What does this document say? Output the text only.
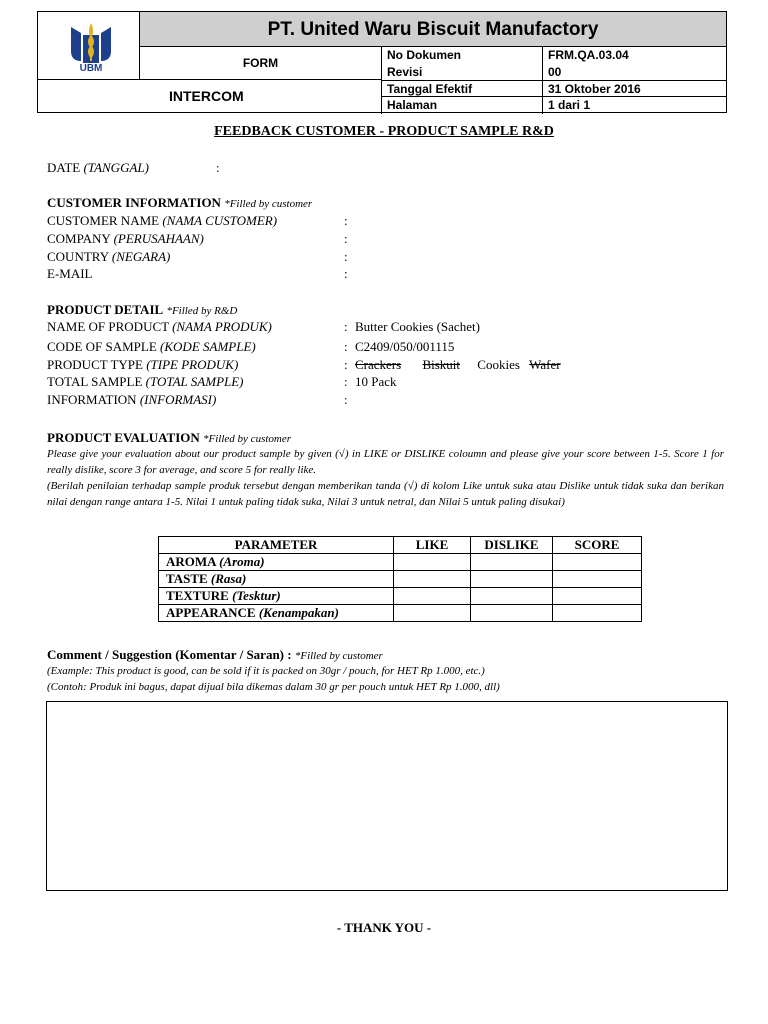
UBM
PT. United Waru Biscuit Manufactory
FORM
INTERCOM
No Dokumen	FRM.QA.03.04
Revisi	00
Tanggal Efektif	31 Oktober 2016
Halaman	1 dari 1
FEEDBACK CUSTOMER - PRODUCT SAMPLE R&D
DATE (TANGGAL)	:
CUSTOMER INFORMATION *Filled by customer
CUSTOMER NAME (NAMA CUSTOMER)	:
COMPANY (PERUSAHAAN)	:
COUNTRY (NEGARA)	:
E-MAIL	:
PRODUCT DETAIL *Filled by R&D
NAME OF PRODUCT (NAMA PRODUK)	: Butter Cookies (Sachet)
CODE OF SAMPLE (KODE SAMPLE)	: C2409/050/001115
PRODUCT TYPE (TIPE PRODUK)	: Crackers Biskuit Cookies Wafer
TOTAL SAMPLE (TOTAL SAMPLE)	: 10 Pack
INFORMATION (INFORMASI)	:
PRODUCT EVALUATION *Filled by customer
Please give your evaluation about our product sample by given (√) in LIKE or DISLIKE coloumn and please give your score between 1-5. Score 1 for really dislike, score 3 for average, and score 5 for really like.
(Berilah penilaian terhadap sample produk tersebut dengan memberikan tanda (√) di kolom Like untuk suka atau Dislike untuk tidak suka dan berikan nilai dengan range antara 1-5. Nilai 1 untuk paling tidak suka, Nilai 3 untuk netral, dan Nilai 5 untuk paling disukai)
PARAMETER	LIKE	DISLIKE	SCORE
AROMA (Aroma)			
TASTE (Rasa)			
TEXTURE (Tesktur)			
APPEARANCE (Kenampakan)			
Comment / Suggestion (Komentar / Saran) : *Filled by customer
(Example: This product is good, can be sold if it is packed on 30gr / pouch, for HET Rp 1.000, etc.)
(Contoh: Produk ini bagus, dapat dijual bila dikemas dalam 30 gr per pouch untuk HET Rp 1.000, dll)
- THANK YOU -
